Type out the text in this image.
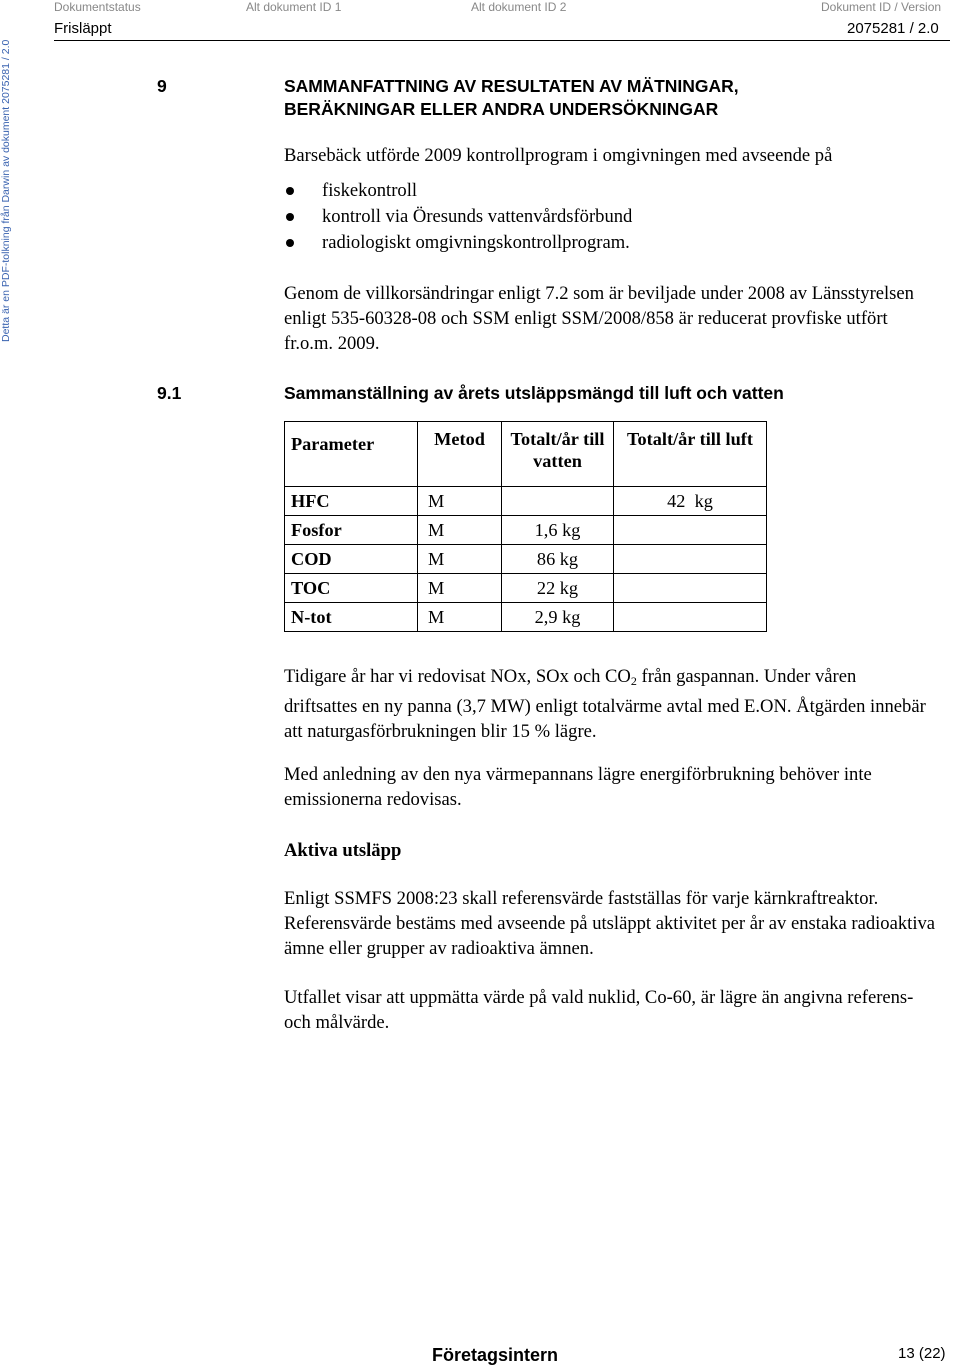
Dokumentstatus	Alt dokument ID 1	Alt dokument ID 2	Dokument ID / Version
Frisläppt	2075281 / 2.0
Detta är en PDF-tolkning från Darwin av dokument 2075281 / 2.0	9	SAMMANFATTNING AV RESULTATEN AV MÄTNINGAR,
BERÄKNINGAR ELLER ANDRA UNDERSÖKNINGAR
Barsebäck utförde 2009 kontrollprogram i omgivningen med avseende på
fiskekontroll
kontroll via Öresunds vattenvårdsförbund
radiologiskt omgivningskontrollprogram.
Genom de villkorsändringar enligt 7.2 som är beviljade under 2008 av Länsstyrelsen enligt 535-60328-08 och SSM enligt SSM/2008/858 är reducerat provfiske utfört fr.o.m. 2009.
9.1	Sammanställning av årets utsläppsmängd till luft och vatten
Parameter	Metod	Totalt/år till vatten	Totalt/år till luft
HFC	M		42  kg
Fosfor	M	1,6 kg	
COD	M	86 kg	
TOC	M	22 kg	
N-tot	M	2,9 kg	
Tidigare år har vi redovisat NOx, SOx och $CO_2$ från gaspannan. Under våren driftsattes en ny panna (3,7 MW) enligt totalvärme avtal med E.ON. Åtgärden innebär att naturgasförbrukningen blir 15 % lägre.
Med anledning av den nya värmepannans lägre energiförbrukning behöver inte emissionerna redovisas.
Aktiva utsläpp
Enligt SSMFS 2008:23 skall referensvärde fastställas för varje kärnkraftreaktor. Referensvärde bestäms med avseende på utsläppt aktivitet per år av enstaka radioaktiva ämne eller grupper av radioaktiva ämnen.
Utfallet visar att uppmätta värde på vald nuklid, Co-60, är lägre än angivna referens- och målvärde.
Företagsintern	13 (22)
